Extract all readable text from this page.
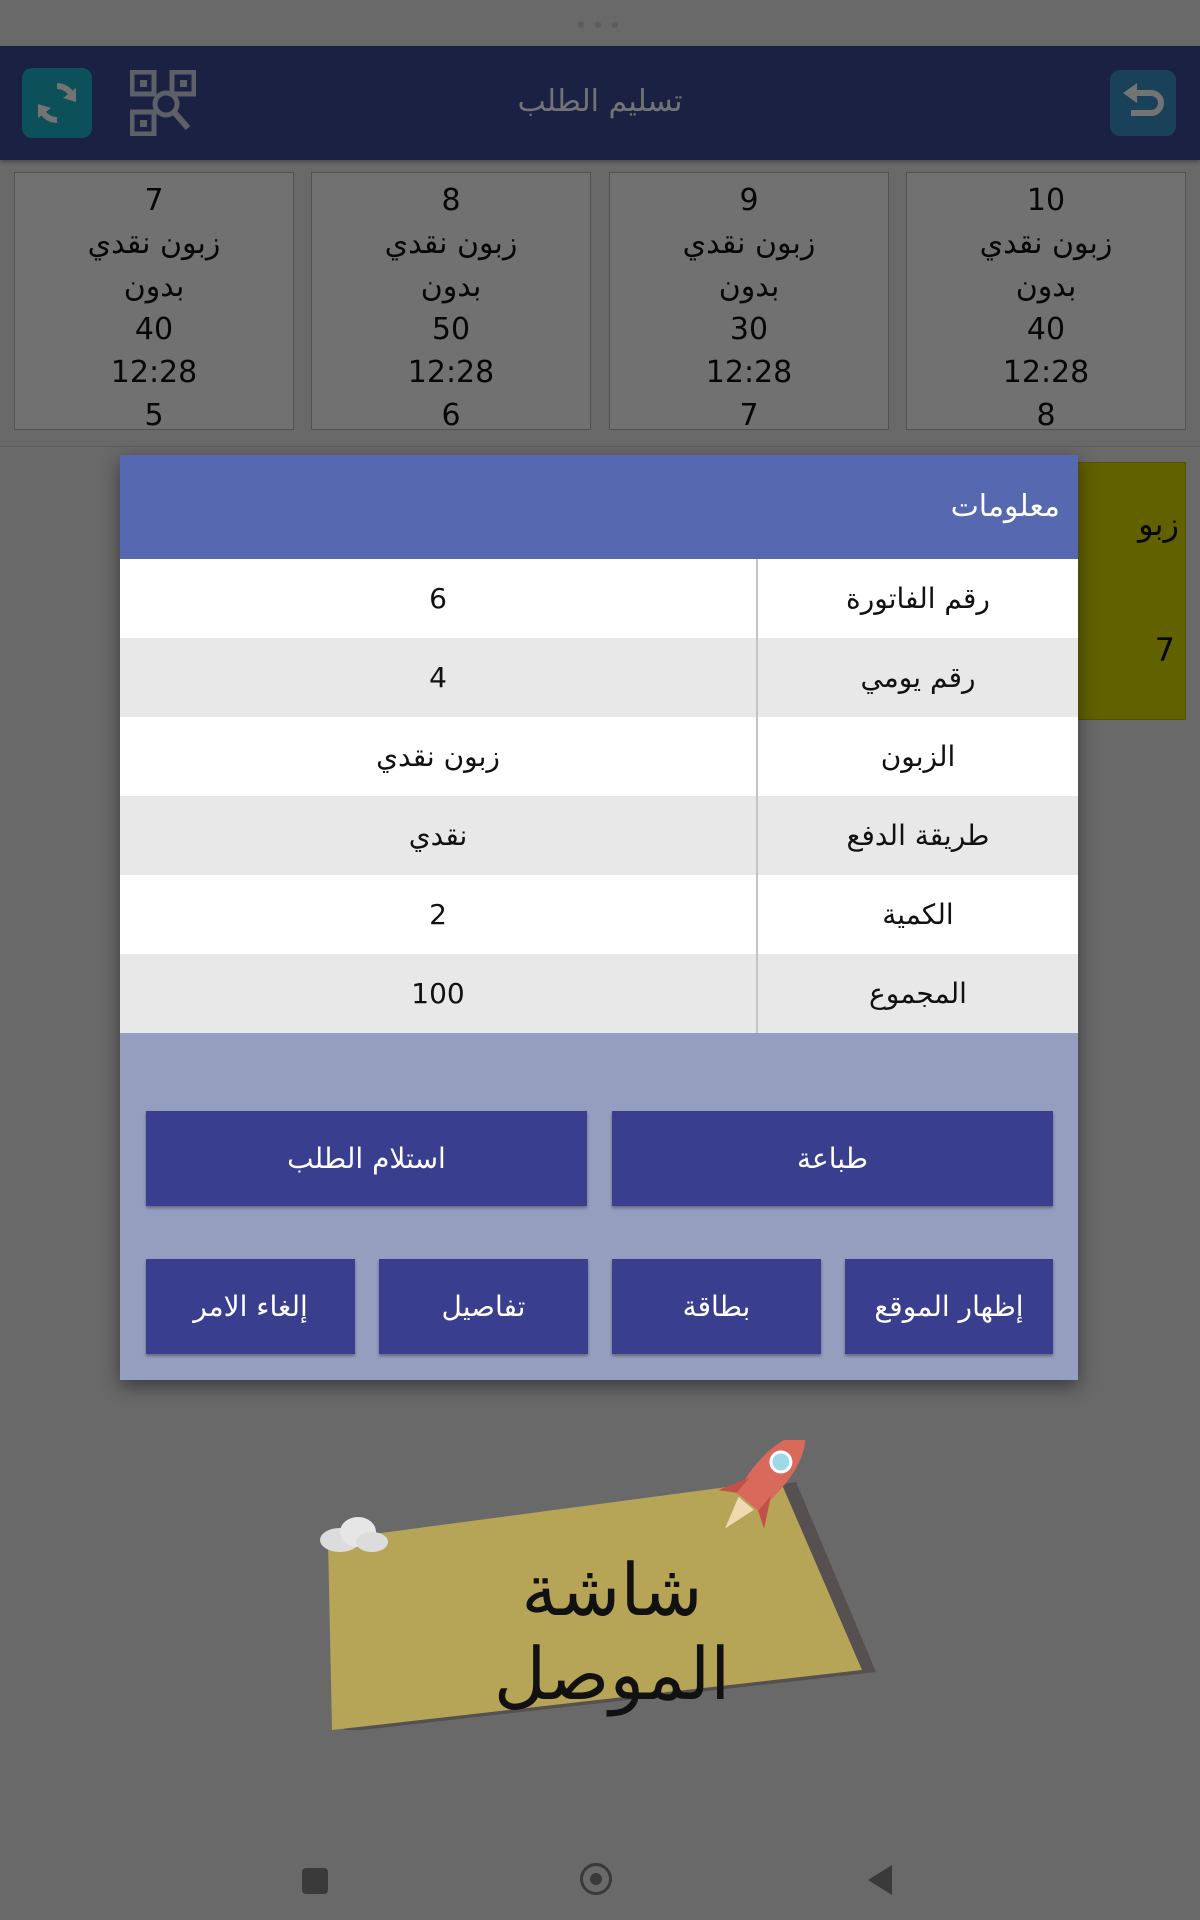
شاشة الموصل
معلومات
رقم الفاتورة	6
رقم يومي	4
الزبون	زبون نقدي
طريقة الدفع	نقدي
الكمية	2
المجموع	100
استلام الطلب	طباعة
إلغاء الامر	تفاصيل	بطاقة	إظهار الموقع
